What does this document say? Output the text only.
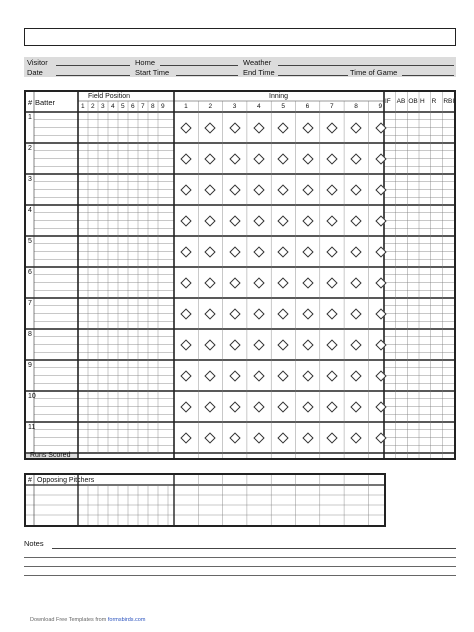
Visitor	Home	Weather
Date	Start Time	End Time	Time of Game
# Batter
Field Position	Inning
1 2 3 4 5 6 7 8 9	1	2	3	4	5	6	7	8	9
IF AB OB H R RBI
1
2
3
4
5
6
7
8
9
10
11
Runs Scored
# Opposing Pitchers
Notes
Download Free Templates from formsbirds.com
